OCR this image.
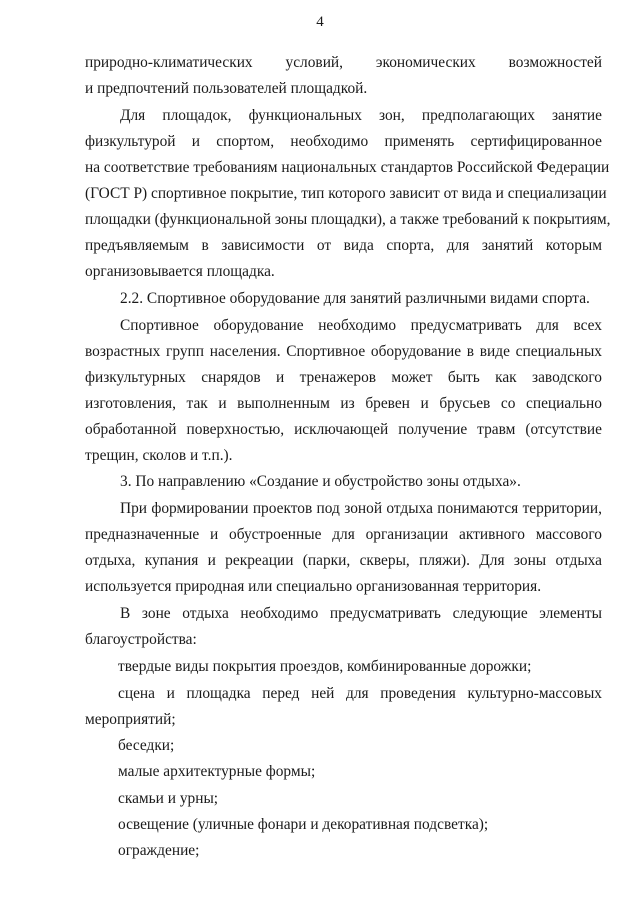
4
природно-климатических условий, экономических возможностей
и предпочтений пользователей площадкой.
Для площадок, функциональных зон, предполагающих занятие
физкультурой и спортом, необходимо применять сертифицированное
на соответствие требованиям национальных стандартов Российской Федерации
(ГОСТ Р) спортивное покрытие, тип которого зависит от вида и специализации
площадки (функциональной зоны площадки), а также требований к покрытиям,
предъявляемым в зависимости от вида спорта, для занятий которым
организовывается площадка.
2.2. Спортивное оборудование для занятий различными видами спорта.
Спортивное оборудование необходимо предусматривать для всех
возрастных групп населения. Спортивное оборудование в виде специальных
физкультурных снарядов и тренажеров может быть как заводского
изготовления, так и выполненным из бревен и брусьев со специально
обработанной поверхностью, исключающей получение травм (отсутствие
трещин, сколов и т.п.).
3. По направлению «Создание и обустройство зоны отдыха».
При формировании проектов под зоной отдыха понимаются территории,
предназначенные и обустроенные для организации активного массового
отдыха, купания и рекреации (парки, скверы, пляжи). Для зоны отдыха
используется природная или специально организованная территория.
В зоне отдыха необходимо предусматривать следующие элементы
благоустройства:
твердые виды покрытия проездов, комбинированные дорожки;
сцена и площадка перед ней для проведения культурно-массовых
мероприятий;
беседки;
малые архитектурные формы;
скамьи и урны;
освещение (уличные фонари и декоративная подсветка);
ограждение;
